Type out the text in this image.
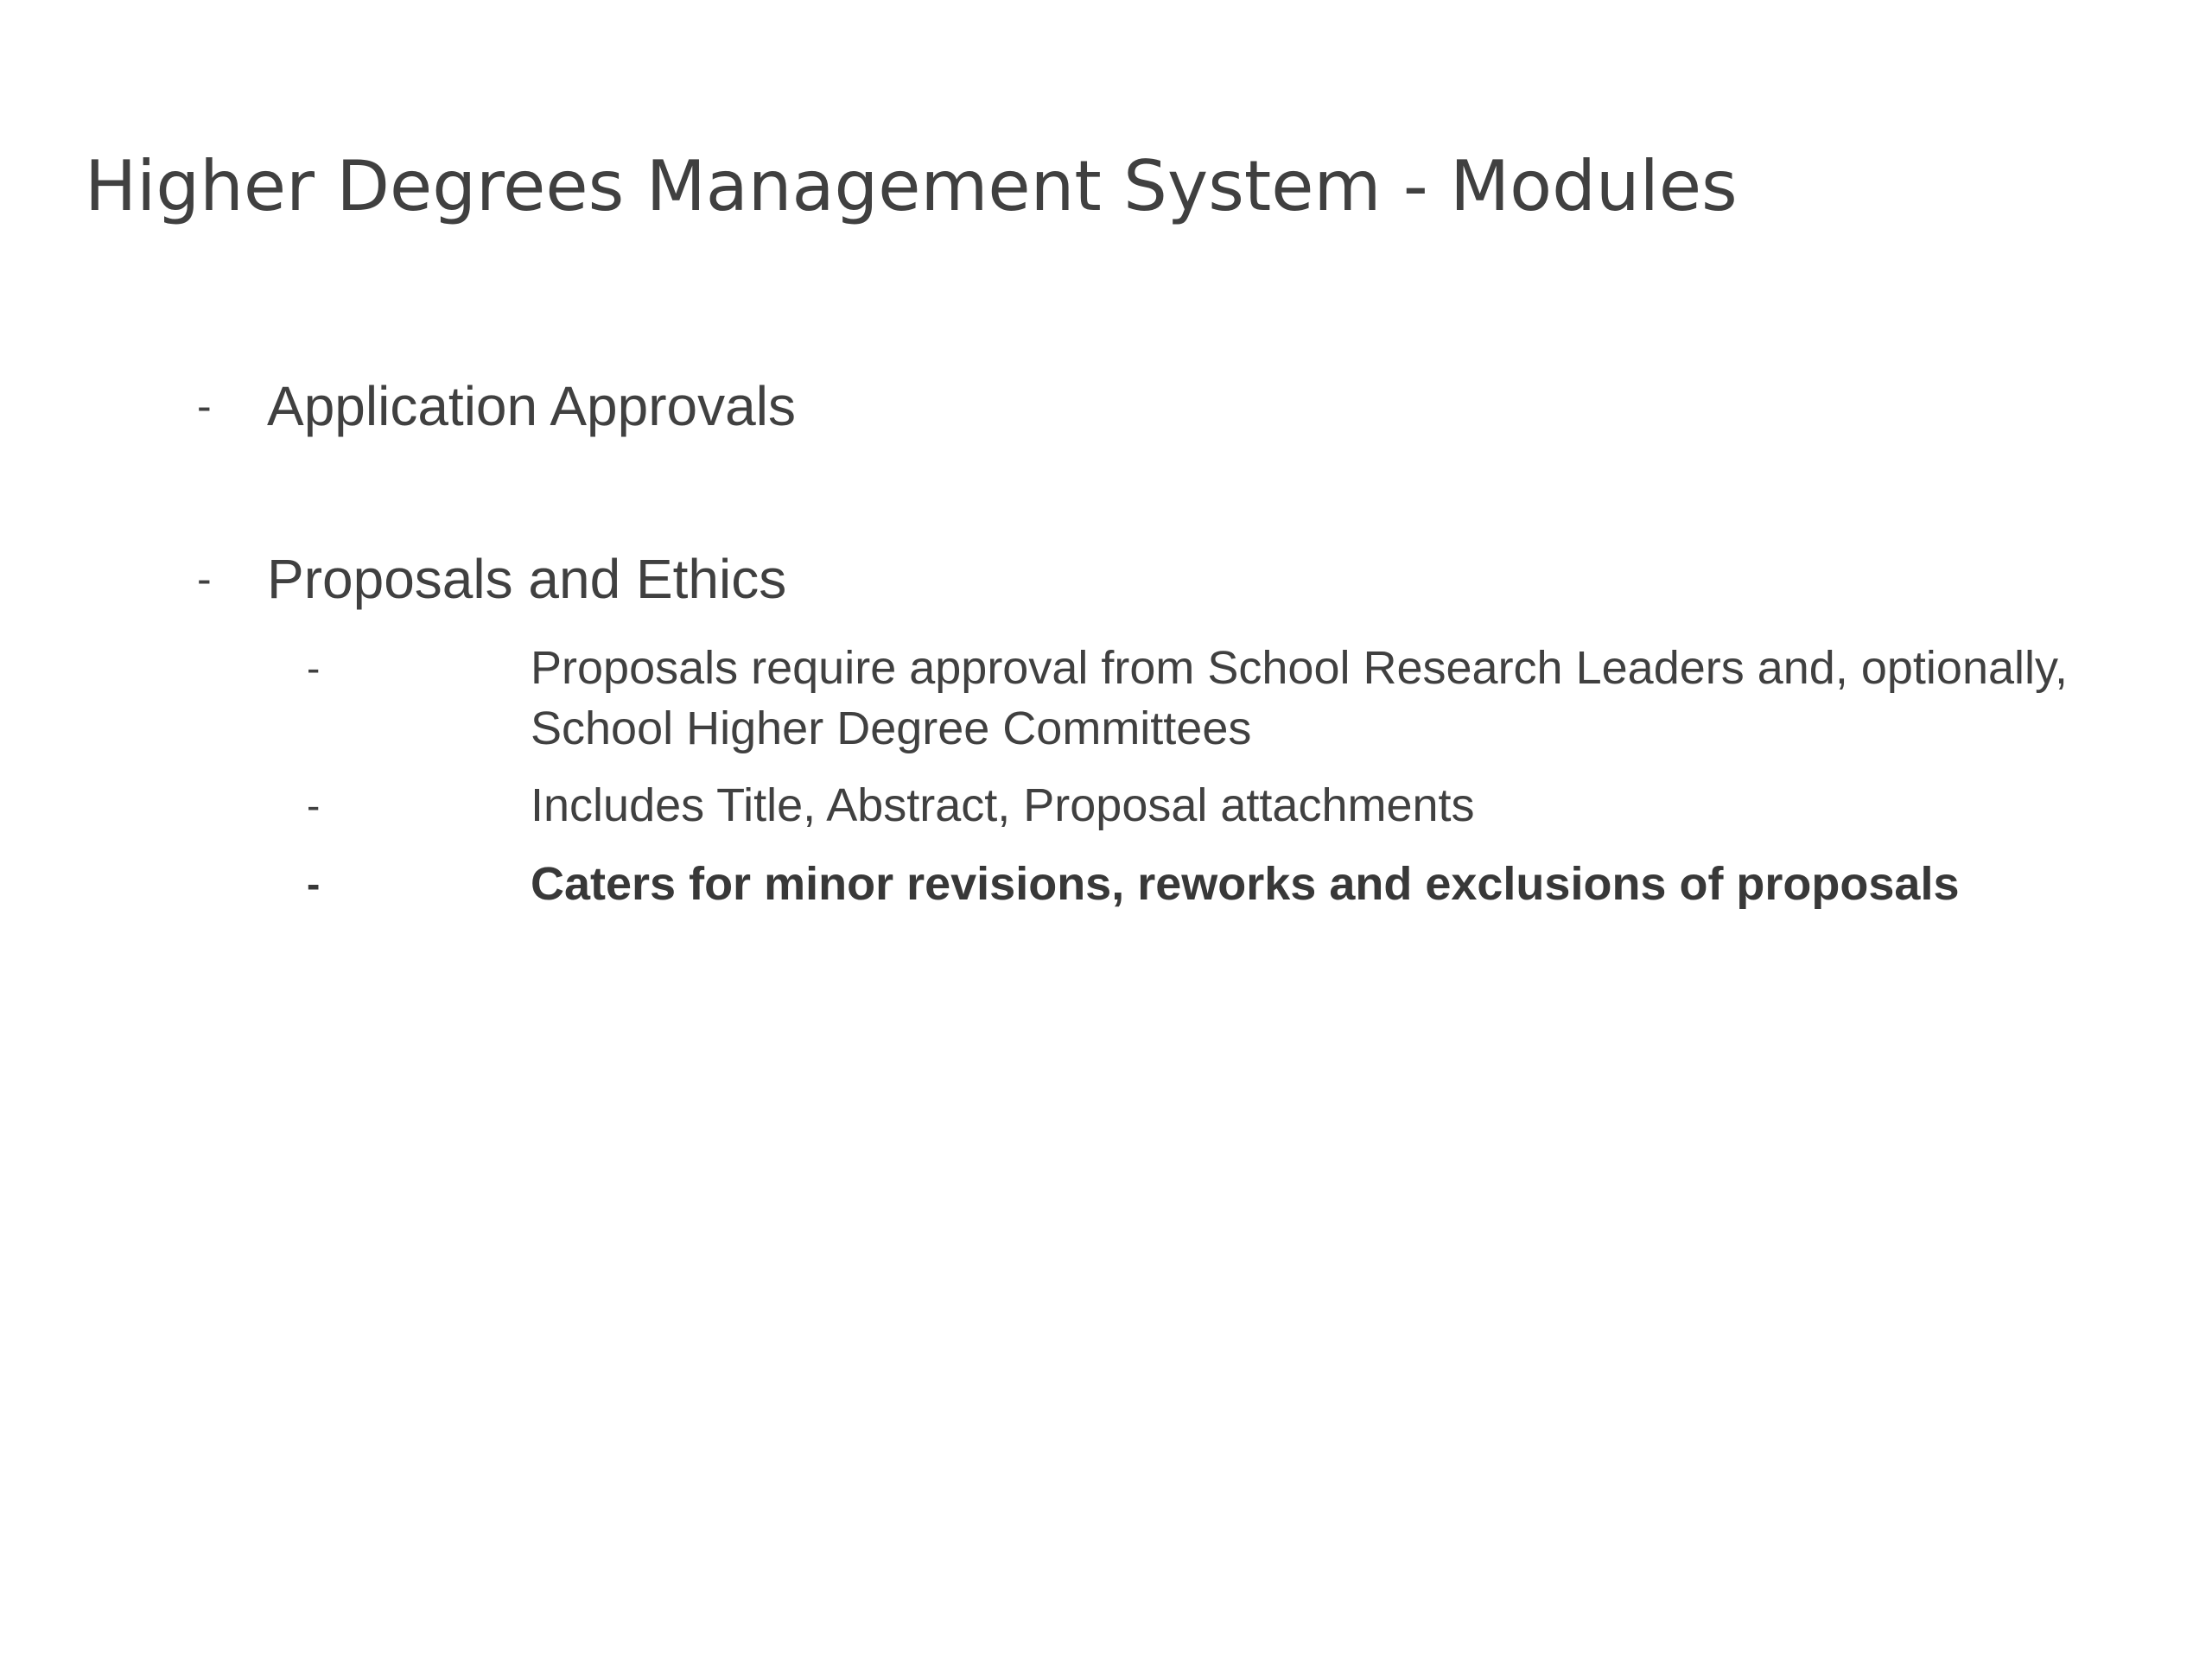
Higher Degrees Management System - Modules
- Application Approvals
- Proposals and Ethics
-	Proposals require approval from School Research Leaders and, optionally, School Higher Degree Committees
-	Includes Title, Abstract, Proposal attachments
-	Caters for minor revisions, reworks and exclusions of proposals
